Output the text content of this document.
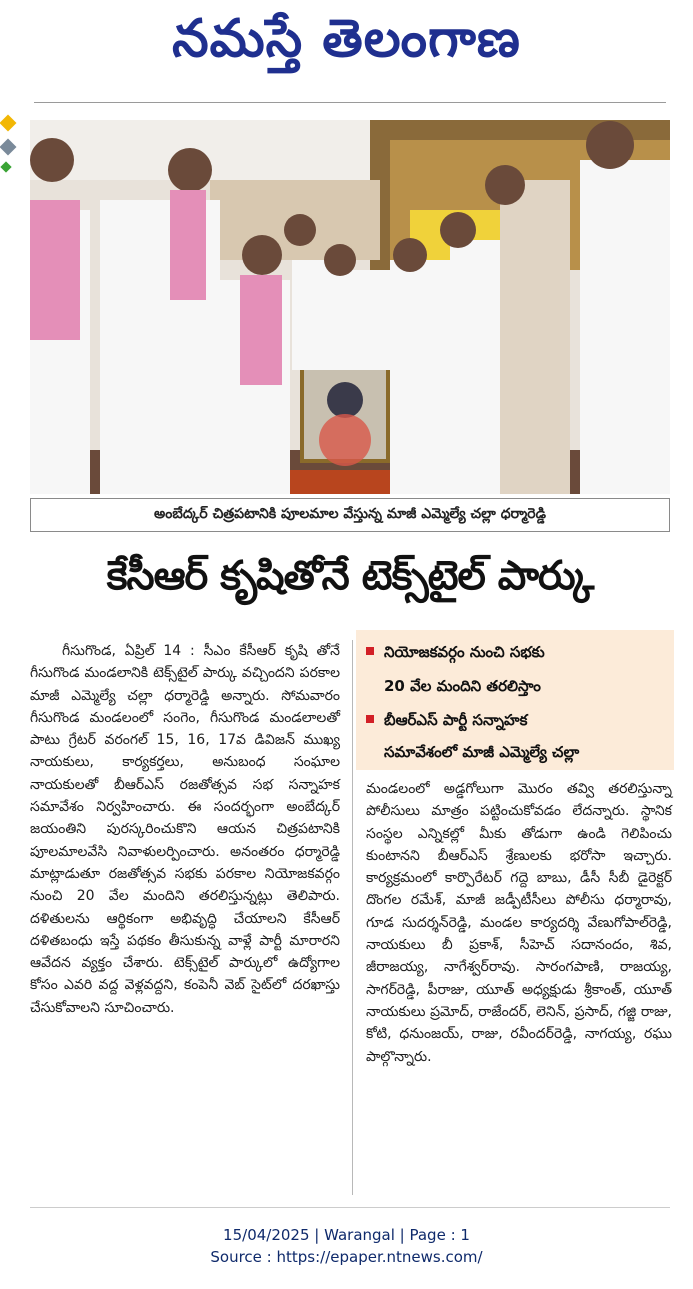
నమస్తే తెలంగాణ
అంబేద్కర్ చిత్రపటానికి పూలమాల వేస్తున్న మాజీ ఎమ్మెల్యే చల్లా ధర్మారెడ్డి
కేసీఆర్ కృషితోనే టెక్స్‌టైల్ పార్కు

గీసుగొండ, ఏప్రిల్ 14 : సీఎం కేసీఆర్ కృషి తోనే గీసుగొండ మండలానికి టెక్స్‌టైల్ పార్కు వచ్చిందని పరకాల మాజీ ఎమ్మెల్యే చల్లా ధర్మారెడ్డి అన్నారు. సోమవారం గీసుగొండ మండలంలో సంగెం, గీసుగొండ మండలాలతో పాటు గ్రేటర్ వరంగల్ 15, 16, 17వ డివిజన్ ముఖ్య నాయకులు, కార్యకర్తలు, అనుబంధ సంఘాల నాయకులతో బీఆర్ఎస్ రజతోత్సవ సభ సన్నాహక సమావేశం నిర్వహించారు. ఈ సందర్భంగా అంబేద్కర్ జయంతిని పురస్కరించుకొని ఆయన చిత్రపటానికి పూలమాలవేసి నివాళులర్పించారు. అనంతరం ధర్మారెడ్డి మాట్లాడుతూ రజతోత్సవ సభకు పరకాల నియోజకవర్గం నుంచి 20 వేల మందిని తరలిస్తున్నట్లు తెలిపారు. దళితులను ఆర్థికంగా అభివృద్ధి చేయాలని కేసీఆర్ దళితబంధు ఇస్తే పథకం తీసుకున్న వాళ్లే పార్టీ మారారని ఆవేదన వ్యక్తం చేశారు. టెక్స్‌టైల్ పార్కులో ఉద్యోగాల కోసం ఎవరి వద్ద వెళ్లవద్దని, కంపెనీ వెబ్ సైట్‌లో దరఖాస్తు చేసుకోవాలని సూచించారు.

నియోజకవర్గం నుంచి సభకు
20 వేల మందిని తరలిస్తాం
బీఆర్ఎస్ పార్టీ సన్నాహక
సమావేశంలో మాజీ ఎమ్మెల్యే చల్లా

మండలంలో అడ్డగోలుగా మొరం తవ్వి తరలిస్తున్నా పోలీసులు మాత్రం పట్టించుకోవడం లేదన్నారు. స్థానిక సంస్థల ఎన్నికల్లో మీకు తోడుగా ఉండి గెలిపించు కుంటానని బీఆర్ఎస్ శ్రేణులకు భరోసా ఇచ్చారు. కార్యక్రమంలో కార్పొరేటర్ గద్దె బాబు, డీసీ సీబీ డైరెక్టర్ దొంగల రమేశ్, మాజీ జడ్పీటీసీలు పోలీసు ధర్మారావు, గూడ సుదర్శన్‌రెడ్డి, మండల కార్యదర్శి వేణుగోపాల్‌రెడ్డి, నాయకులు బీ ప్రకాశ్, సీహెచ్ సదానందం, శివ, జీరాజయ్య, నాగేశ్వర్‌రావు. సారంగపాణి, రాజయ్య, సాగర్‌రెడ్డి, పీరాజు, యూత్ అధ్యక్షుడు శ్రీకాంత్, యూత్ నాయకులు ప్రమోద్, రాజేందర్, లెనిన్, ప్రసాద్, గజ్జి రాజు, కోటి, ధనుంజయ్, రాజు, రవీందర్‌రెడ్డి, నాగయ్య, రఘు పాల్గొన్నారు.

15/04/2025 | Warangal | Page : 1
Source : https://epaper.ntnews.com/
